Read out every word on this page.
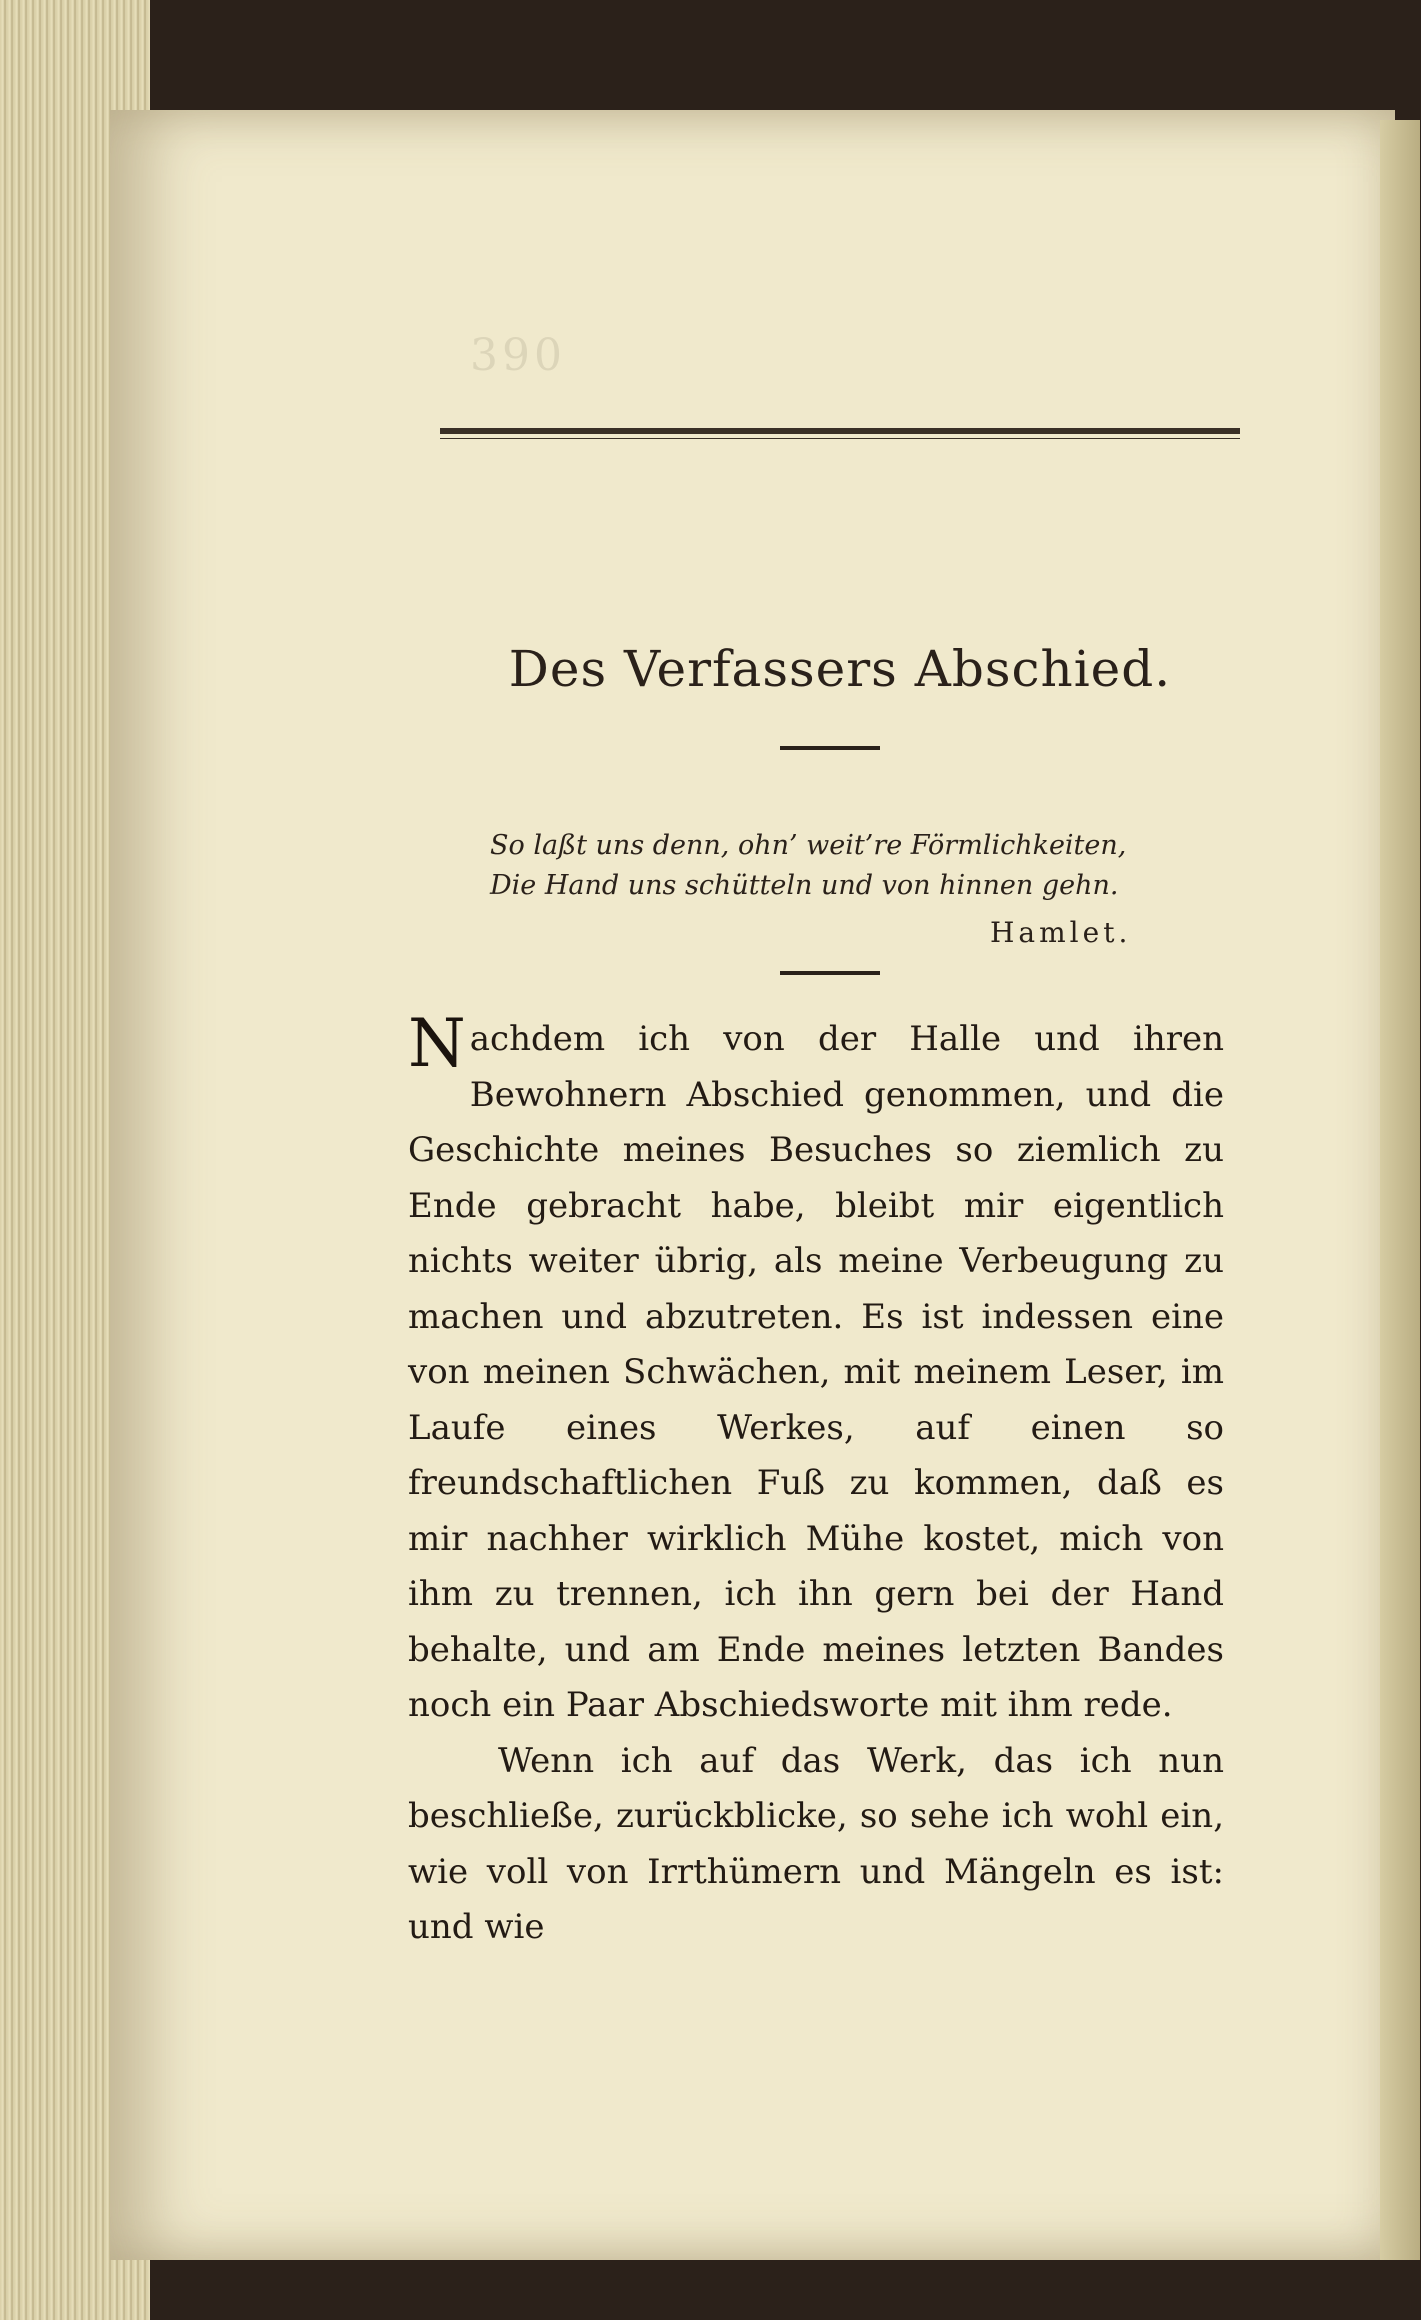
390
Des Verfassers Abschied.
So laßt uns denn, ohn’ weit’re Förmlichkeiten,
Die Hand uns schütteln und von hinnen gehn.
Hamlet.

Nachdem ich von der Halle und ihren Bewohnern Abschied genommen, und die Geschichte meines Besuches so ziemlich zu Ende gebracht habe, bleibt mir eigentlich nichts weiter übrig, als meine Verbeugung zu machen und abzutreten. Es ist indessen eine von meinen Schwächen, mit meinem Leser, im Laufe eines Werkes, auf einen so freundschaftlichen Fuß zu kommen, daß es mir nachher wirklich Mühe kostet, mich von ihm zu trennen, ich ihn gern bei der Hand behalte, und am Ende meines letzten Bandes noch ein Paar Abschiedsworte mit ihm rede.

Wenn ich auf das Werk, das ich nun beschließe, zurückblicke, so sehe ich wohl ein, wie voll von Irrthümern und Mängeln es ist: und wie
